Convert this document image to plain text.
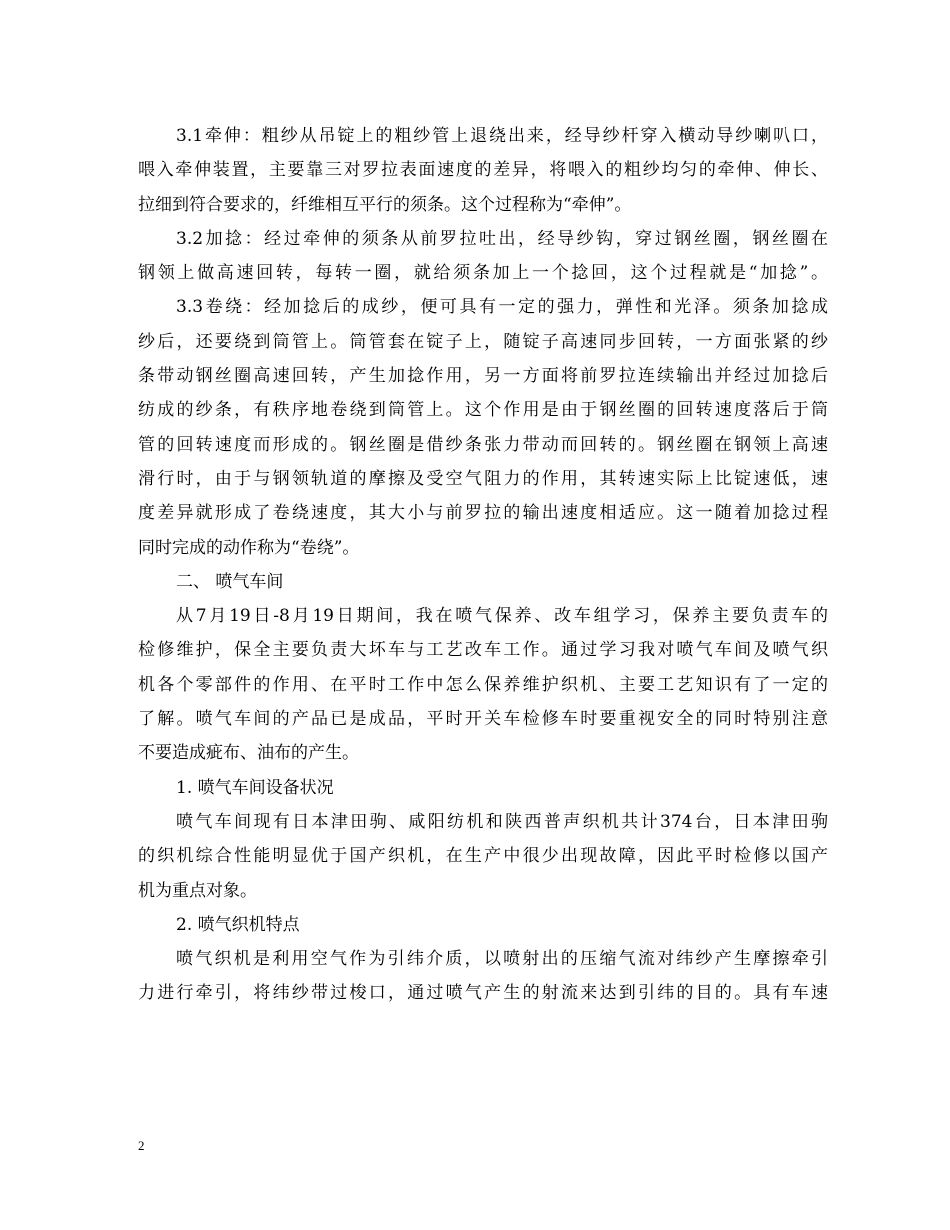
3.1牵伸：粗纱从吊锭上的粗纱管上退绕出来，经导纱杆穿入横动导纱喇叭口，
喂入牵伸装置，主要靠三对罗拉表面速度的差异，将喂入的粗纱均匀的牵伸、伸长、
拉细到符合要求的，纤维相互平行的须条。这个过程称为“牵伸”。
3.2加捻：经过牵伸的须条从前罗拉吐出，经导纱钩，穿过钢丝圈，钢丝圈在
钢领上做高速回转，每转一圈，就给须条加上一个捻回，这个过程就是“加捻”。
3.3卷绕：经加捻后的成纱，便可具有一定的强力，弹性和光泽。须条加捻成
纱后，还要绕到筒管上。筒管套在锭子上，随锭子高速同步回转，一方面张紧的纱
条带动钢丝圈高速回转，产生加捻作用，另一方面将前罗拉连续输出并经过加捻后
纺成的纱条，有秩序地卷绕到筒管上。这个作用是由于钢丝圈的回转速度落后于筒
管的回转速度而形成的。钢丝圈是借纱条张力带动而回转的。钢丝圈在钢领上高速
滑行时，由于与钢领轨道的摩擦及受空气阻力的作用，其转速实际上比锭速低，速
度差异就形成了卷绕速度，其大小与前罗拉的输出速度相适应。这一随着加捻过程
同时完成的动作称为“卷绕”。
二、 喷气车间
从7月19日-8月19日期间，我在喷气保养、改车组学习，保养主要负责车的
检修维护，保全主要负责大坏车与工艺改车工作。通过学习我对喷气车间及喷气织
机各个零部件的作用、在平时工作中怎么保养维护织机、主要工艺知识有了一定的
了解。喷气车间的产品已是成品，平时开关车检修车时要重视安全的同时特别注意
不要造成疵布、油布的产生。
1. 喷气车间设备状况
喷气车间现有日本津田驹、咸阳纺机和陕西普声织机共计374台，日本津田驹
的织机综合性能明显优于国产织机，在生产中很少出现故障，因此平时检修以国产
机为重点对象。
2. 喷气织机特点
喷气织机是利用空气作为引纬介质，以喷射出的压缩气流对纬纱产生摩擦牵引
力进行牵引，将纬纱带过梭口，通过喷气产生的射流来达到引纬的目的。具有车速
2
